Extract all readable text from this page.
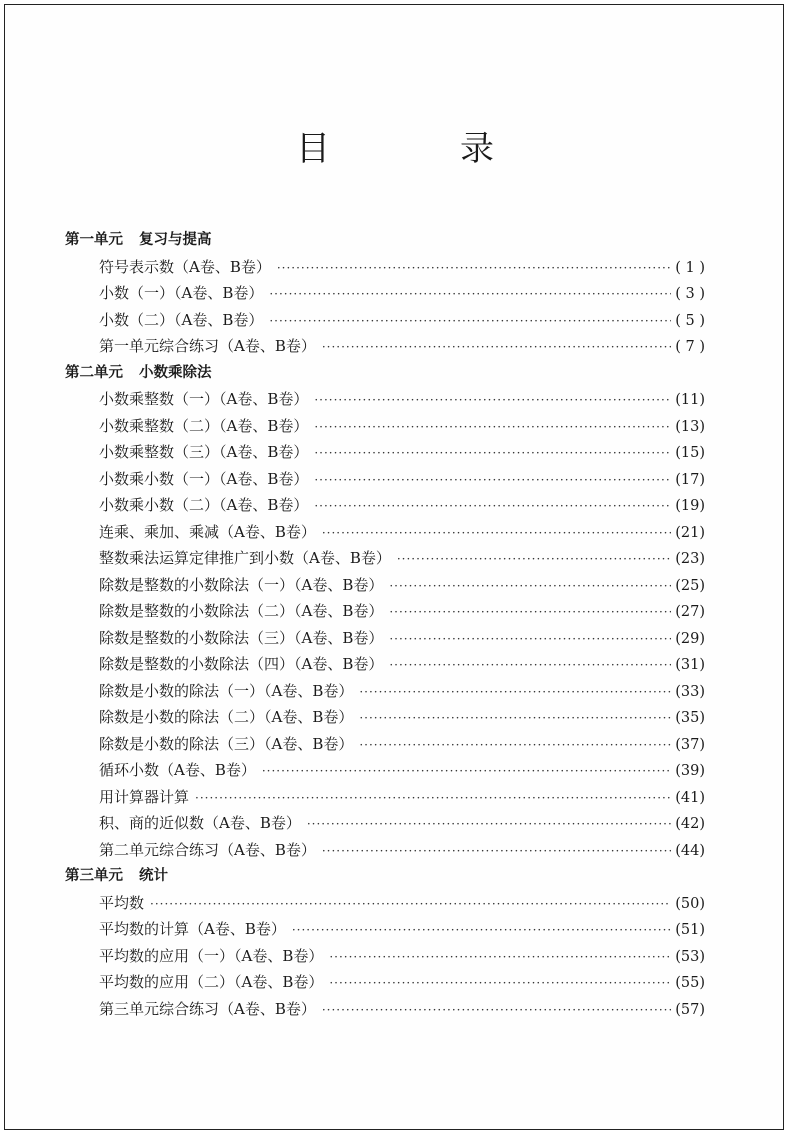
目　录
第一单元 复习与提高
符号表示数（A卷、B卷） ·····	( 1 )
小数（一）（A卷、B卷） ·····	( 3 )
小数（二）（A卷、B卷） ·····	( 5 )
第一单元综合练习（A卷、B卷） ·····	( 7 )
第二单元 小数乘除法
小数乘整数（一）（A卷、B卷） ·····	(11)
小数乘整数（二）（A卷、B卷） ·····	(13)
小数乘整数（三）（A卷、B卷） ·····	(15)
小数乘小数（一）（A卷、B卷） ·····	(17)
小数乘小数（二）（A卷、B卷） ·····	(19)
连乘、乘加、乘减（A卷、B卷） ·····	(21)
整数乘法运算定律推广到小数（A卷、B卷） ·····	(23)
除数是整数的小数除法（一）（A卷、B卷） ·····	(25)
除数是整数的小数除法（二）（A卷、B卷） ·····	(27)
除数是整数的小数除法（三）（A卷、B卷） ·····	(29)
除数是整数的小数除法（四）（A卷、B卷） ·····	(31)
除数是小数的除法（一）（A卷、B卷） ·····	(33)
除数是小数的除法（二）（A卷、B卷） ·····	(35)
除数是小数的除法（三）（A卷、B卷） ·····	(37)
循环小数（A卷、B卷） ·····	(39)
用计算器计算 ·····	(41)
积、商的近似数（A卷、B卷） ·····	(42)
第二单元综合练习（A卷、B卷） ·····	(44)
第三单元 统计
平均数 ·····	(50)
平均数的计算（A卷、B卷） ·····	(51)
平均数的应用（一）（A卷、B卷） ·····	(53)
平均数的应用（二）（A卷、B卷） ·····	(55)
第三单元综合练习（A卷、B卷） ·····	(57)
